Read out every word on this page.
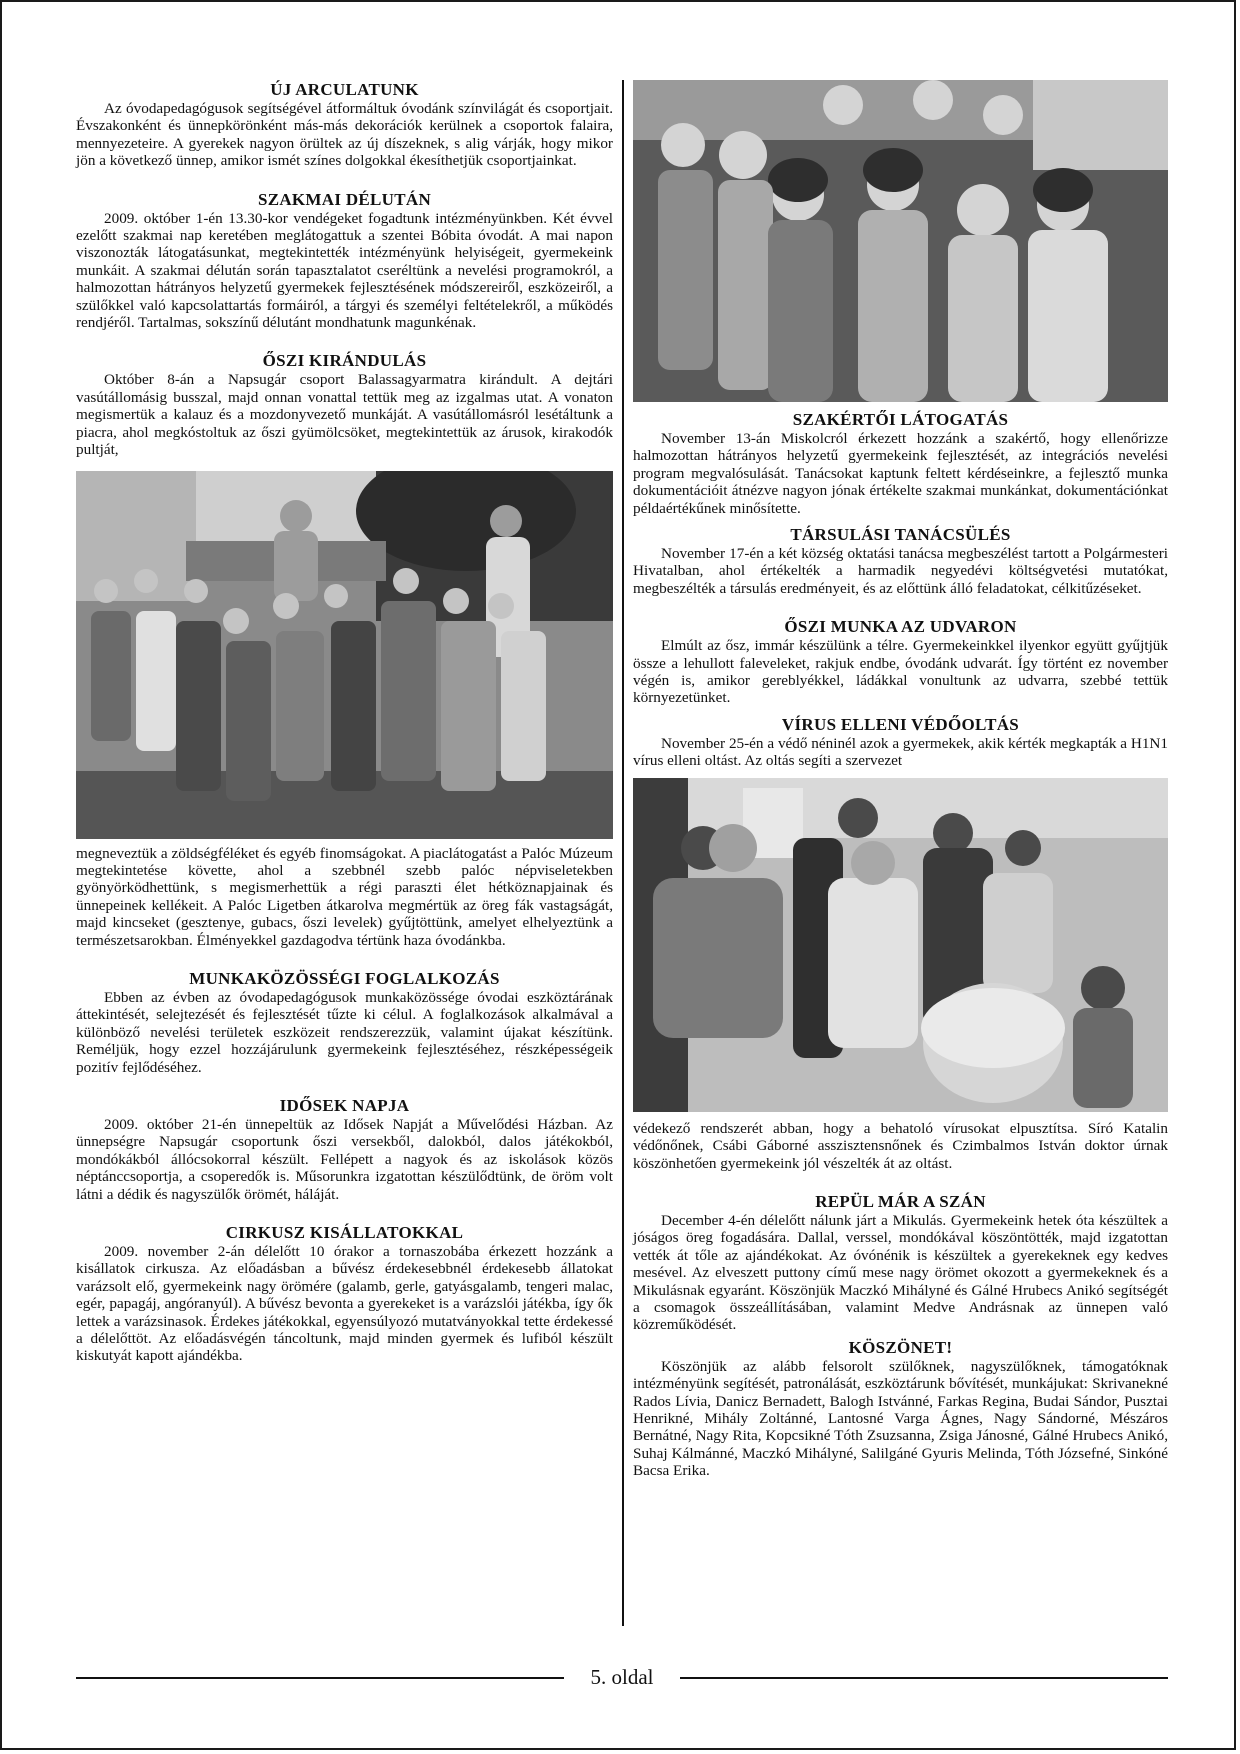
ÚJ ARCULATUNK

Az óvodapedagógusok segítségével átformáltuk óvodánk színvilágát és csoportjait. Évszakonként és ünnepkörönként más-más dekorációk kerülnek a csoportok falaira, mennyezeteire. A gyerekek nagyon örültek az új díszeknek, s alig várják, hogy mikor jön a következő ünnep, amikor ismét színes dolgokkal ékesíthetjük csoportjainkat.

SZAKMAI DÉLUTÁN

2009. október 1-én 13.30-kor vendégeket fogadtunk intézményünkben. Két évvel ezelőtt szakmai nap keretében meglátogattuk a szentei Bóbita óvodát. A mai napon viszonozták látogatásunkat, megtekintették intézményünk helyiségeit, gyermekeink munkáit. A szakmai délután során tapasztalatot cseréltünk a nevelési programokról, a halmozottan hátrányos helyzetű gyermekek fejlesztésének módszereiről, eszközeiről, a szülőkkel való kapcsolattartás formáiról, a tárgyi és személyi feltételekről, a működés rendjéről. Tartalmas, sokszínű délutánt mondhatunk magunkénak.

ŐSZI KIRÁNDULÁS

Október 8-án a Napsugár csoport Balassagyarmatra kirándult. A dejtári vasútállomásig busszal, majd onnan vonattal tettük meg az izgalmas utat. A vonaton megismertük a kalauz és a mozdonyvezető munkáját. A vasútállomásról lesétáltunk a piacra, ahol megkóstoltuk az őszi gyümölcsöket, megtekintettük az árusok, kirakodók pultját,

megneveztük a zöldségféléket és egyéb finomságokat. A piaclátogatást a Palóc Múzeum megtekintetése követte, ahol a szebbnél szebb palóc népviseletekben gyönyörködhettünk, s megismerhettük a régi paraszti élet hétköznapjainak és ünnepeinek kellékeit. A Palóc Ligetben átkarolva megmértük az öreg fák vastagságát, majd kincseket (gesztenye, gubacs, őszi levelek) gyűjtöttünk, amelyet elhelyeztünk a természetsarokban. Élményekkel gazdagodva tértünk haza óvodánkba.

MUNKAKÖZÖSSÉGI FOGLALKOZÁS

Ebben az évben az óvodapedagógusok munkaközössége óvodai eszköztárának áttekintését, selejtezését és fejlesztését tűzte ki célul. A foglalkozások alkalmával a különböző nevelési területek eszközeit rendszerezzük, valamint újakat készítünk. Reméljük, hogy ezzel hozzájárulunk gyermekeink fejlesztéséhez, részképességeik pozitív fejlődéséhez.

IDŐSEK NAPJA

2009. október 21-én ünnepeltük az Idősek Napját a Művelődési Házban. Az ünnepségre Napsugár csoportunk őszi versekből, dalokból, dalos játékokból, mondókákból állócsokorral készült. Fellépett a nagyok és az iskolások közös néptánccsoportja, a csoperedők is. Műsorunkra izgatottan készülődtünk, de öröm volt látni a dédik és nagyszülők örömét, háláját.

CIRKUSZ KISÁLLATOKKAL

2009. november 2-án délelőtt 10 órakor a tornaszobába érkezett hozzánk a kisállatok cirkusza. Az előadásban a bűvész érdekesebbnél érdekesebb állatokat varázsolt elő, gyermekeink nagy örömére (galamb, gerle, gatyásgalamb, tengeri malac, egér, papagáj, angóranyúl). A bűvész bevonta a gyerekeket is a varázslói játékba, így ők lettek a varázsinasok. Érdekes játékokkal, egyensúlyozó mutatványokkal tette érdekessé a délelőttöt. Az előadásvégén táncoltunk, majd minden gyermek és lufiból készült kiskutyát kapott ajándékba.

SZAKÉRTŐI LÁTOGATÁS

November 13-án Miskolcról érkezett hozzánk a szakértő, hogy ellenőrizze halmozottan hátrányos helyzetű gyermekeink fejlesztését, az integrációs nevelési program megvalósulását. Tanácsokat kaptunk feltett kérdéseinkre, a fejlesztő munka dokumentációit átnézve nagyon jónak értékelte szakmai munkánkat, dokumentációnkat példaértékűnek minősítette.

TÁRSULÁSI TANÁCSÜLÉS

November 17-én a két község oktatási tanácsa megbeszélést tartott a Polgármesteri Hivatalban, ahol értékelték a harmadik negyedévi költségvetési mutatókat, megbeszélték a társulás eredményeit, és az előttünk álló feladatokat, célkitűzéseket.

ŐSZI MUNKA AZ UDVARON

Elmúlt az ősz, immár készülünk a télre. Gyermekeinkkel ilyenkor együtt gyűjtjük össze a lehullott faleveleket, rakjuk endbe, óvodánk udvarát. Így történt ez november végén is, amikor gereblyékkel, ládákkal vonultunk az udvarra, szebbé tettük környezetünket.

VÍRUS ELLENI VÉDŐOLTÁS

November 25-én a védő néninél azok a gyermekek, akik kérték megkapták a H1N1 vírus elleni oltást. Az oltás segíti a szervezet

védekező rendszerét abban, hogy a behatoló vírusokat elpusztítsa. Síró Katalin védőnőnek, Csábi Gáborné asszisztensnőnek és Czimbalmos István doktor úrnak köszönhetően gyermekeink jól vészelték át az oltást.

REPÜL MÁR A SZÁN

December 4-én délelőtt nálunk járt a Mikulás. Gyermekeink hetek óta készültek a jóságos öreg fogadására. Dallal, verssel, mondókával köszöntötték, majd izgatottan vették át tőle az ajándékokat. Az óvónénik is készültek a gyerekeknek egy kedves mesével. Az elveszett puttony című mese nagy örömet okozott a gyermekeknek és a Mikulásnak egyaránt. Köszönjük Maczkó Mihályné és Gálné Hrubecs Anikó segítségét a csomagok összeállításában, valamint Medve Andrásnak az ünnepen való közreműködését.

KÖSZÖNET!

Köszönjük az alább felsorolt szülőknek, nagyszülőknek, támogatóknak intézményünk segítését, patronálását, eszköztárunk bővítését, munkájukat: Skrivanekné Rados Lívia, Danicz Bernadett, Balogh Istvánné, Farkas Regina, Budai Sándor, Pusztai Henrikné, Mihály Zoltánné, Lantosné Varga Ágnes, Nagy Sándorné, Mészáros Bernátné, Nagy Rita, Kopcsikné Tóth Zsuzsanna, Zsiga Jánosné, Gálné Hrubecs Anikó, Suhaj Kálmánné, Maczkó Mihályné, Salilgáné Gyuris Melinda, Tóth Józsefné, Sinkóné Bacsa Erika.

5. oldal
